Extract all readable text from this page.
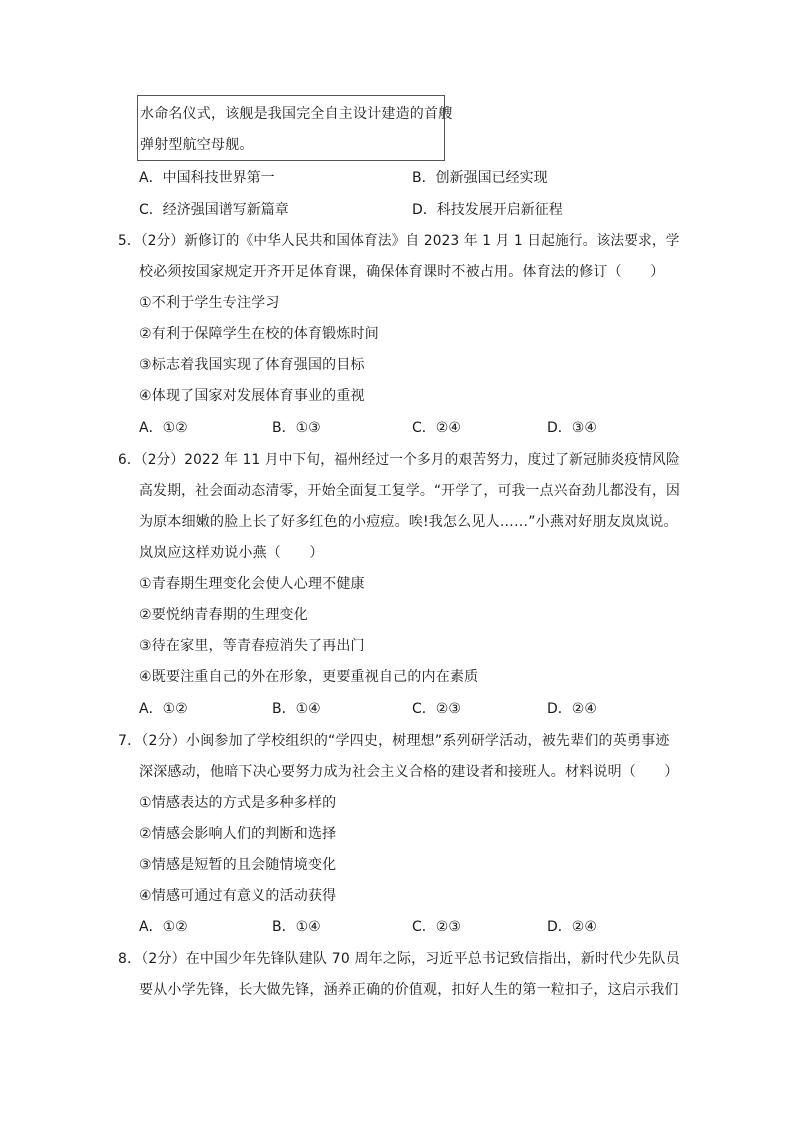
水命名仪式，该舰是我国完全自主设计建造的首艘
弹射型航空母舰。
A．中国科技世界第一	B．创新强国已经实现
C．经济强国谱写新篇章	D．科技发展开启新征程
5．（2分）新修订的《中华人民共和国体育法》自 2023 年 1 月 1 日起施行。该法要求，学
校必须按国家规定开齐开足体育课，确保体育课时不被占用。体育法的修订（　　）
①不利于学生专注学习
②有利于保障学生在校的体育锻炼时间
③标志着我国实现了体育强国的目标
④体现了国家对发展体育事业的重视
A．①②	B．①③	C．②④	D．③④
6．（2分）2022 年 11 月中下旬，福州经过一个多月的艰苦努力，度过了新冠肺炎疫情风险
高发期，社会面动态清零，开始全面复工复学。“开学了，可我一点兴奋劲儿都没有，因
为原本细嫩的脸上长了好多红色的小痘痘。唉!我怎么见人……”小燕对好朋友岚岚说。
岚岚应这样劝说小燕（　　）
①青春期生理变化会使人心理不健康
②要悦纳青春期的生理变化
③待在家里，等青春痘消失了再出门
④既要注重自己的外在形象，更要重视自己的内在素质
A．①②	B．①④	C．②③	D．②④
7．（2分）小闽参加了学校组织的“学四史，树理想”系列研学活动，被先辈们的英勇事迹
深深感动，他暗下决心要努力成为社会主义合格的建设者和接班人。材料说明（　　）
①情感表达的方式是多种多样的
②情感会影响人们的判断和选择
③情感是短暂的且会随情境变化
④情感可通过有意义的活动获得
A．①②	B．①④	C．②③	D．②④
8．（2分）在中国少年先锋队建队 70 周年之际，习近平总书记致信指出，新时代少先队员
要从小学先锋，长大做先锋，涵养正确的价值观，扣好人生的第一粒扣子，这启示我们
